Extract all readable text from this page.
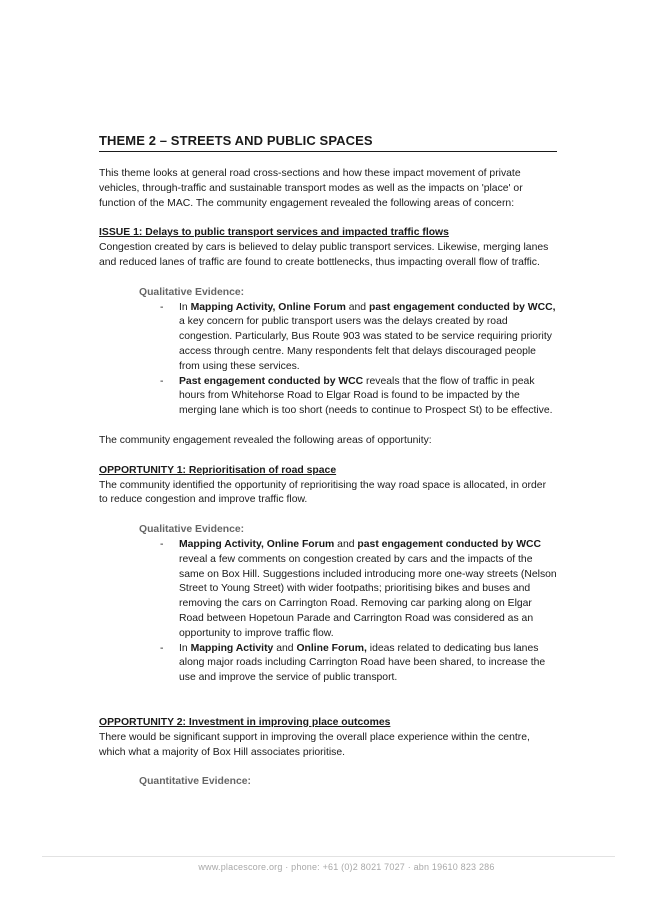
THEME 2 – STREETS AND PUBLIC SPACES

This theme looks at general road cross-sections and how these impact movement of private vehicles, through-traffic and sustainable transport modes as well as the impacts on 'place' or function of the MAC. The community engagement revealed the following areas of concern:

ISSUE 1: Delays to public transport services and impacted traffic flows

Congestion created by cars is believed to delay public transport services. Likewise, merging lanes and reduced lanes of traffic are found to create bottlenecks, thus impacting overall flow of traffic.

Qualitative Evidence:

- In Mapping Activity, Online Forum and past engagement conducted by WCC, a key concern for public transport users was the delays created by road congestion. Particularly, Bus Route 903 was stated to be service requiring priority access through centre. Many respondents felt that delays discouraged people from using these services.
- Past engagement conducted by WCC reveals that the flow of traffic in peak hours from Whitehorse Road to Elgar Road is found to be impacted by the merging lane which is too short (needs to continue to Prospect St) to be effective.

The community engagement revealed the following areas of opportunity:

OPPORTUNITY 1: Reprioritisation of road space

The community identified the opportunity of reprioritising the way road space is allocated, in order to reduce congestion and improve traffic flow.

Qualitative Evidence:

- Mapping Activity, Online Forum and past engagement conducted by WCC reveal a few comments on congestion created by cars and the impacts of the same on Box Hill. Suggestions included introducing more one-way streets (Nelson Street to Young Street) with wider footpaths; prioritising bikes and buses and removing the cars on Carrington Road. Removing car parking along on Elgar Road between Hopetoun Parade and Carrington Road was considered as an opportunity to improve traffic flow.
- In Mapping Activity and Online Forum, ideas related to dedicating bus lanes along major roads including Carrington Road have been shared, to increase the use and improve the service of public transport.

OPPORTUNITY 2: Investment in improving place outcomes

There would be significant support in improving the overall place experience within the centre, which what a majority of Box Hill associates prioritise.

Quantitative Evidence:

www.placescore.org · phone: +61 (0)2 8021 7027 · abn 19610 823 286
